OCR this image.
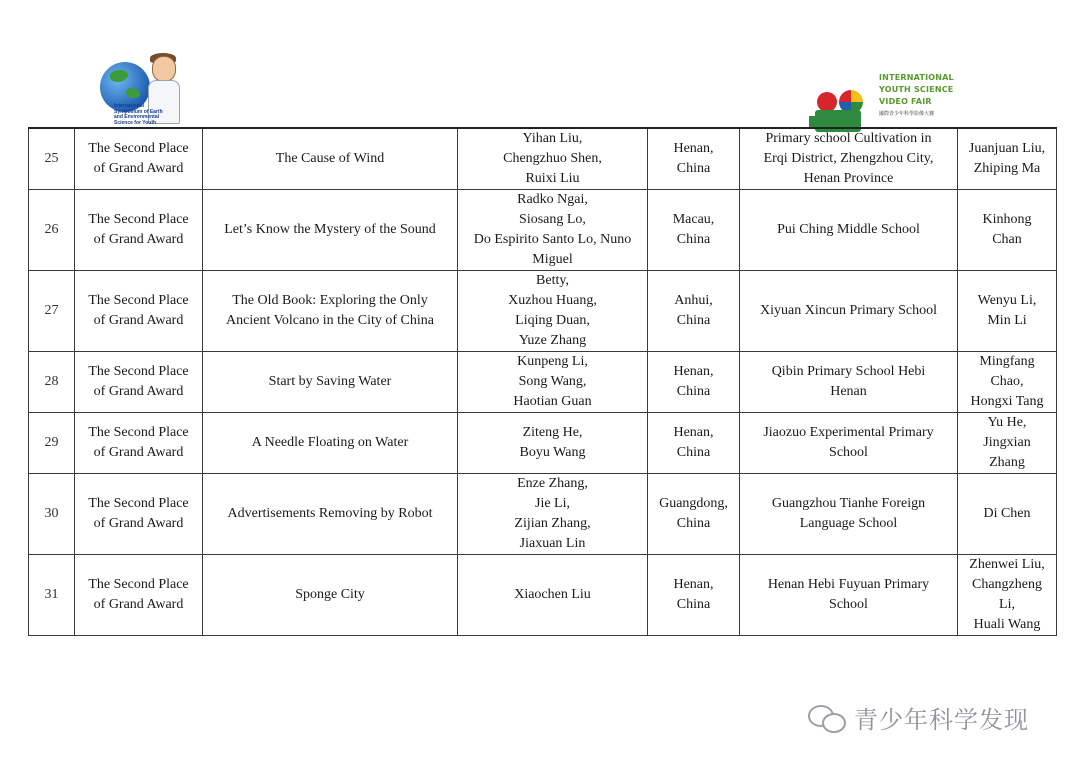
International
Symposium of Earth
and Environmental
Science for Youth
INTERNATIONAL
YOUTH SCIENCE
VIDEO FAIR
國際青少年科學影像大賽
25	The Second Place
of Grand Award	The Cause of Wind	Yihan Liu,
Chengzhuo Shen,
Ruixi Liu	Henan,
China	Primary school Cultivation in
Erqi District, Zhengzhou City,
Henan Province	Juanjuan Liu,
Zhiping Ma
26	The Second Place
of Grand Award	Let’s Know the Mystery of the Sound	Radko Ngai,
Siosang Lo,
Do Espirito Santo Lo, Nuno
Miguel	Macau,
China	Pui Ching Middle School	Kinhong
Chan
27	The Second Place
of Grand Award	The Old Book: Exploring the Only
Ancient Volcano in the City of China	Betty,
Xuzhou Huang,
Liqing Duan,
Yuze Zhang	Anhui,
China	Xiyuan Xincun Primary School	Wenyu Li,
Min Li
28	The Second Place
of Grand Award	Start by Saving Water	Kunpeng Li,
Song Wang,
Haotian Guan	Henan,
China	Qibin Primary School Hebi
Henan	Mingfang
Chao,
Hongxi Tang
29	The Second Place
of Grand Award	A Needle Floating on Water	Ziteng He,
Boyu Wang	Henan,
China	Jiaozuo Experimental Primary
School	Yu He,
Jingxian
Zhang
30	The Second Place
of Grand Award	Advertisements Removing by Robot	Enze Zhang,
Jie Li,
Zijian Zhang,
Jiaxuan Lin	Guangdong,
China	Guangzhou Tianhe Foreign
Language School	Di Chen
31	The Second Place
of Grand Award	Sponge City	Xiaochen Liu	Henan,
China	Henan Hebi Fuyuan Primary
School	Zhenwei Liu,
Changzheng
Li,
Huali Wang
青少年科学发现
